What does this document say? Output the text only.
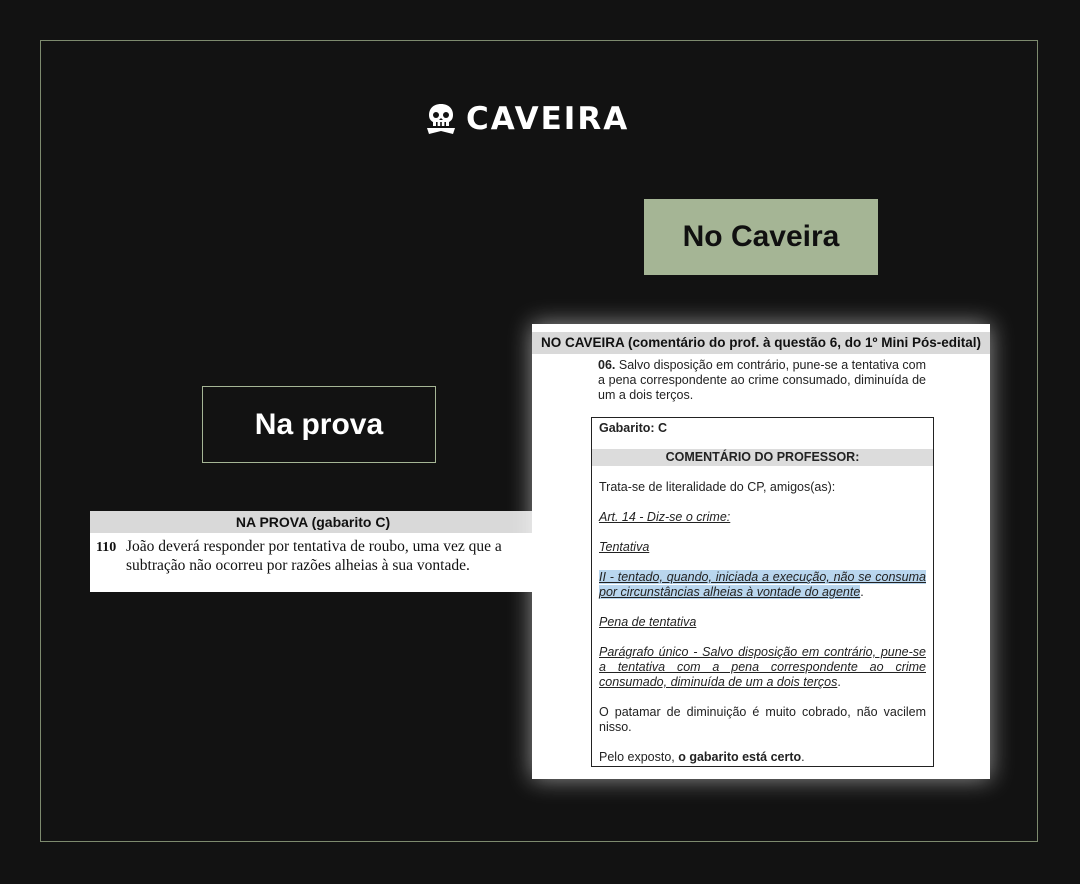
CAVEIRA
No Caveira
Na prova
NA PROVA (gabarito C)
110 João deverá responder por tentativa de roubo, uma vez que a
subtração não ocorreu por razões alheias à sua vontade.
NO CAVEIRA (comentário do prof. à questão 6, do 1º Mini Pós-edital)
06. Salvo disposição em contrário, pune-se a tentativa com a pena correspondente ao crime consumado, diminuída de um a dois terços.
Gabarito: C
COMENTÁRIO DO PROFESSOR:
Trata-se de literalidade do CP, amigos(as):
Art. 14 - Diz-se o crime:
Tentativa
II - tentado, quando, iniciada a execução, não se consuma por circunstâncias alheias à vontade do agente.
Pena de tentativa
Parágrafo único - Salvo disposição em contrário, pune-se a tentativa com a pena correspondente ao crime consumado, diminuída de um a dois terços.
O patamar de diminuição é muito cobrado, não vacilem nisso.
Pelo exposto, o gabarito está certo.
